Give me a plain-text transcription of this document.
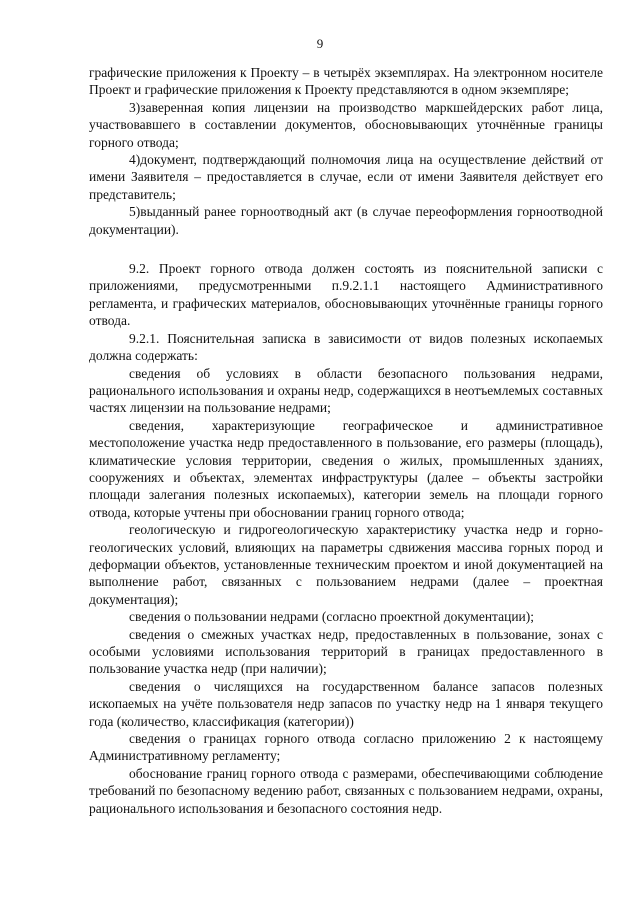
9

графические приложения к Проекту – в четырёх экземплярах. На электронном носителе Проект и графические приложения к Проекту представляются в одном экземпляре;

3)заверенная копия лицензии на производство маркшейдерских работ лица, участвовавшего в составлении документов, обосновывающих уточнённые границы горного отвода;

4)документ, подтверждающий полномочия лица на осуществление действий от имени Заявителя – предоставляется в случае, если от имени Заявителя действует его представитель;

5)выданный ранее горноотводный акт (в случае переоформления горноотводной документации).

9.2. Проект горного отвода должен состоять из пояснительной записки с приложениями, предусмотренными п.9.2.1.1 настоящего Административного регламента, и графических материалов, обосновывающих уточнённые границы горного отвода.

9.2.1. Пояснительная записка в зависимости от видов полезных ископаемых должна содержать:

сведения об условиях в области безопасного пользования недрами, рационального использования и охраны недр, содержащихся в неотъемлемых составных частях лицензии на пользование недрами;

сведения, характеризующие географическое и административное местоположение участка недр предоставленного в пользование, его размеры (площадь), климатические условия территории, сведения о жилых, промышленных зданиях, сооружениях и объектах, элементах инфраструктуры (далее – объекты застройки площади залегания полезных ископаемых), категории земель на площади горного отвода, которые учтены при обосновании границ горного отвода;

геологическую и гидрогеологическую характеристику участка недр и горно-геологических условий, влияющих на параметры сдвижения массива горных пород и деформации объектов, установленные техническим проектом и иной документацией на выполнение работ, связанных с пользованием недрами (далее – проектная документация);

сведения о пользовании недрами (согласно проектной документации);

сведения о смежных участках недр, предоставленных в пользование, зонах с особыми условиями использования территорий в границах предоставленного в пользование участка недр (при наличии);

сведения о числящихся на государственном балансе запасов полезных ископаемых на учёте пользователя недр запасов по участку недр на 1 января текущего года (количество, классификация (категории))

сведения о границах горного отвода согласно приложению 2 к настоящему Административному регламенту;

обоснование границ горного отвода с размерами, обеспечивающими соблюдение требований по безопасному ведению работ, связанных с пользованием недрами, охраны, рационального использования и безопасного состояния недр.
